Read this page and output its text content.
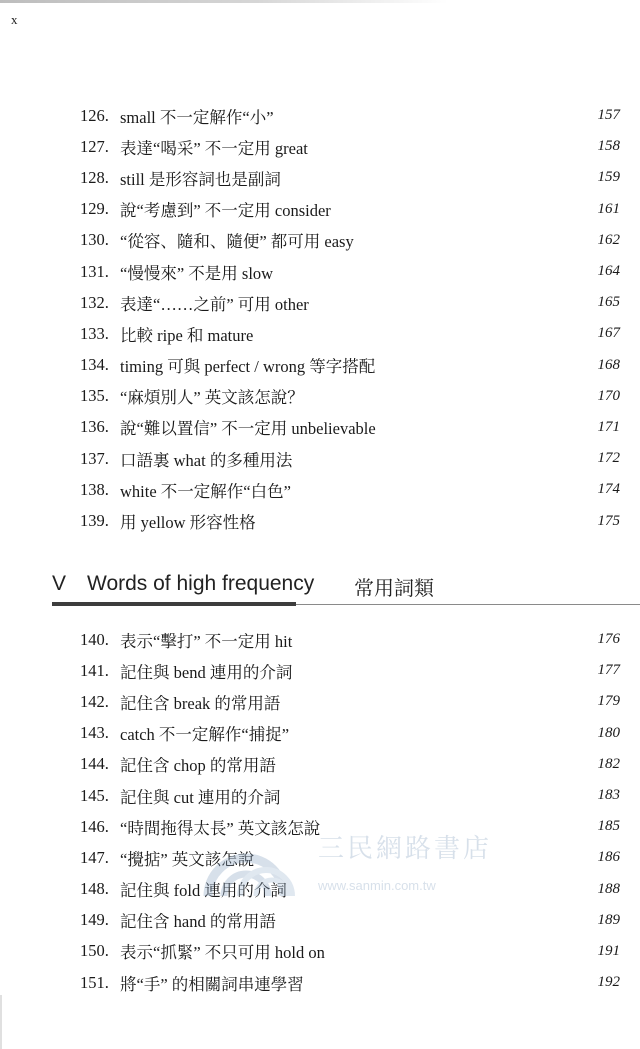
x
126. small 不一定解作“小”	157
127. 表達“喝采” 不一定用 great	158
128. still 是形容詞也是副詞	159
129. 說“考慮到” 不一定用 consider	161
130. “從容、隨和、隨便” 都可用 easy	162
131. “慢慢來” 不是用 slow	164
132. 表達“……之前” 可用 other	165
133. 比較 ripe 和 mature	167
134. timing 可與 perfect / wrong 等字搭配	168
135. “麻煩別人” 英文該怎說？	170
136. 說“難以置信” 不一定用 unbelievable	171
137. 口語裏 what 的多種用法	172
138. white 不一定解作“白色”	174
139. 用 yellow 形容性格	175
V Words of high frequency 常用詞類
140. 表示“擊打” 不一定用 hit	176
141. 記住與 bend 連用的介詞	177
142. 記住含 break 的常用語	179
143. catch 不一定解作“捕捉”	180
144. 記住含 chop 的常用語	182
145. 記住與 cut 連用的介詞	183
146. “時間拖得太長” 英文該怎說	185
147. “攪掂” 英文該怎說	186
148. 記住與 fold 連用的介詞	188
149. 記住含 hand 的常用語	189
150. 表示“抓緊” 不只可用 hold on	191
151. 將“手” 的相關詞串連學習	192
三民網路書店
www.sanmin.com.tw
